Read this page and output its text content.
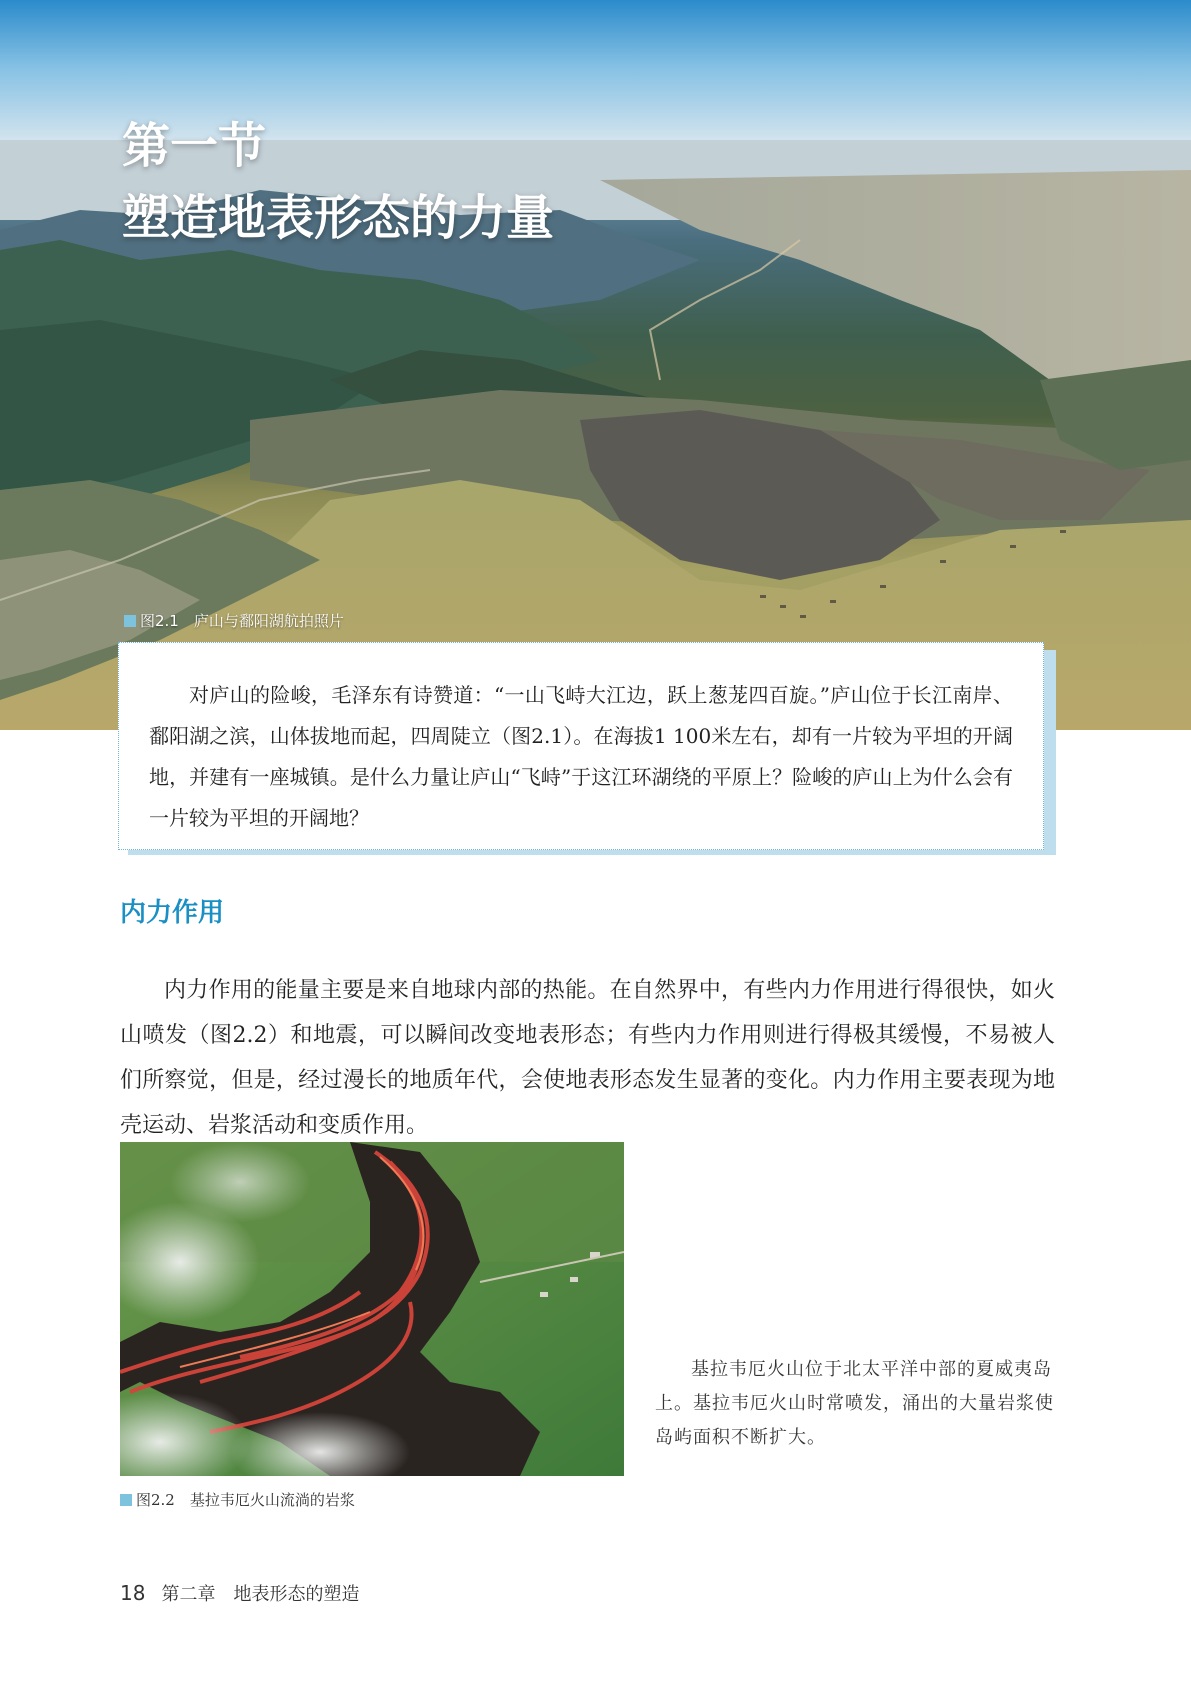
第一节
塑造地表形态的力量
图2.1　庐山与鄱阳湖航拍照片

对庐山的险峻，毛泽东有诗赞道：“一山飞峙大江边，跃上葱茏四百旋。”庐山位于长江南岸、鄱阳湖之滨，山体拔地而起，四周陡立（图2.1）。在海拔1 100米左右，却有一片较为平坦的开阔地，并建有一座城镇。是什么力量让庐山“飞峙”于这江环湖绕的平原上？险峻的庐山上为什么会有一片较为平坦的开阔地？

内力作用

内力作用的能量主要是来自地球内部的热能。在自然界中，有些内力作用进行得很快，如火山喷发（图2.2）和地震，可以瞬间改变地表形态；有些内力作用则进行得极其缓慢，不易被人们所察觉，但是，经过漫长的地质年代，会使地表形态发生显著的变化。内力作用主要表现为地壳运动、岩浆活动和变质作用。

图2.2　基拉韦厄火山流淌的岩浆

基拉韦厄火山位于北太平洋中部的夏威夷岛上。基拉韦厄火山时常喷发，涌出的大量岩浆使岛屿面积不断扩大。

18 第二章　地表形态的塑造
